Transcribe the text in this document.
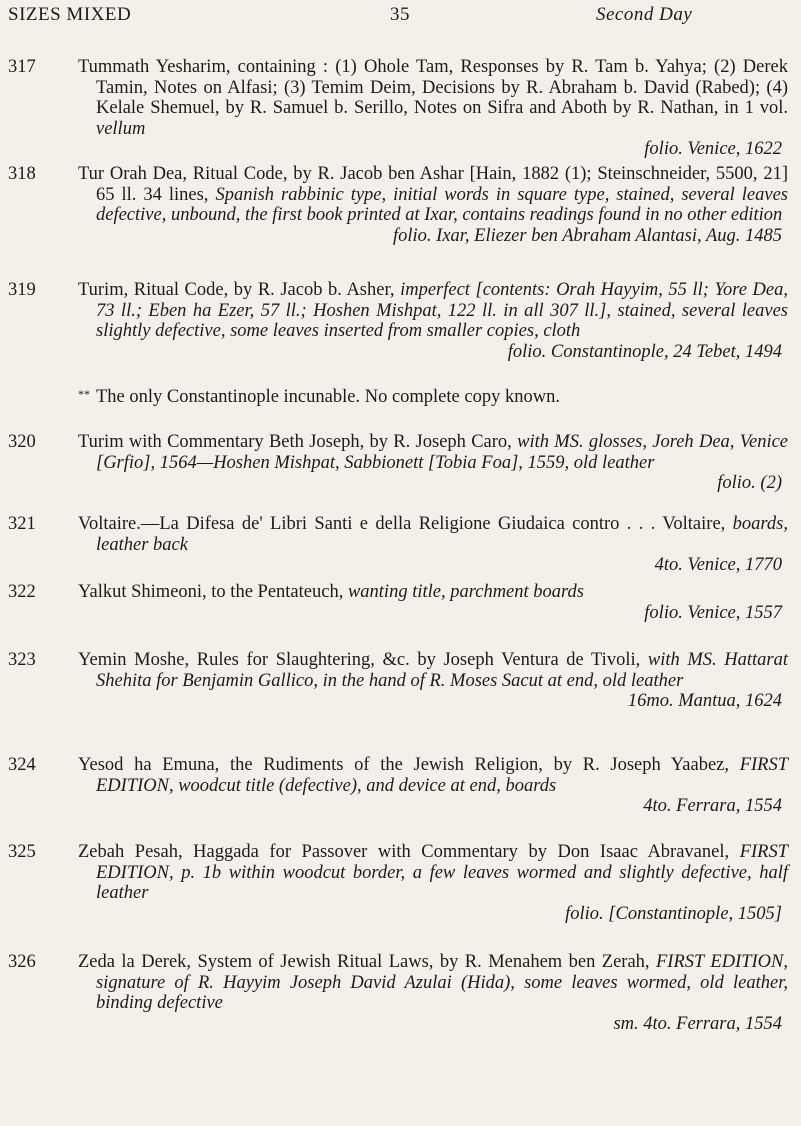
SIZES MIXED	35	Second Day
317	Tummath Yesharim, containing : (1) Ohole Tam, Responses by R. Tam b. Yahya; (2) Derek Tamin, Notes on Alfasi; (3) Temim Deim, Decisions by R. Abraham b. David (Rabed); (4) Kelale Shemuel, by R. Samuel b. Serillo, Notes on Sifra and Aboth by R. Nathan, in 1 vol. vellum
folio. Venice, 1622

318	Tur Orah Dea, Ritual Code, by R. Jacob ben Ashar [Hain, 1882 (1); Steinschneider, 5500, 21] 65 ll. 34 lines, Spanish rabbinic type, initial words in square type, stained, several leaves defective, unbound, the first book printed at Ixar, contains readings found in no other edition
folio. Ixar, Eliezer ben Abraham Alantasi, Aug. 1485

319	Turim, Ritual Code, by R. Jacob b. Asher, imperfect [contents: Orah Hayyim, 55 ll; Yore Dea, 73 ll.; Eben ha Ezer, 57 ll.; Hoshen Mishpat, 122 ll. in all 307 ll.], stained, several leaves slightly defective, some leaves inserted from smaller copies, cloth
folio. Constantinople, 24 Tebet, 1494

** The only Constantinople incunable. No complete copy known.
320	Turim with Commentary Beth Joseph, by R. Joseph Caro, with MS. glosses, Joreh Dea, Venice [Grfio], 1564—Hoshen Mishpat, Sabbionett [Tobia Foa], 1559, old leather
folio. (2)

321	Voltaire.—La Difesa de' Libri Santi e della Religione Giudaica contro . . . Voltaire, boards, leather back
4to. Venice, 1770

322	Yalkut Shimeoni, to the Pentateuch, wanting title, parchment boards
folio. Venice, 1557

323	Yemin Moshe, Rules for Slaughtering, &c. by Joseph Ventura de Tivoli, with MS. Hattarat Shehita for Benjamin Gallico, in the hand of R. Moses Sacut at end, old leather
16mo. Mantua, 1624

324	Yesod ha Emuna, the Rudiments of the Jewish Religion, by R. Joseph Yaabez, FIRST EDITION, woodcut title (defective), and device at end, boards
4to. Ferrara, 1554

325	Zebah Pesah, Haggada for Passover with Commentary by Don Isaac Abravanel, FIRST EDITION, p. 1b within woodcut border, a few leaves wormed and slightly defective, half leather
folio. [Constantinople, 1505]

326	Zeda la Derek, System of Jewish Ritual Laws, by R. Menahem ben Zerah, FIRST EDITION, signature of R. Hayyim Joseph David Azulai (Hida), some leaves wormed, old leather, binding defective
sm. 4to. Ferrara, 1554
